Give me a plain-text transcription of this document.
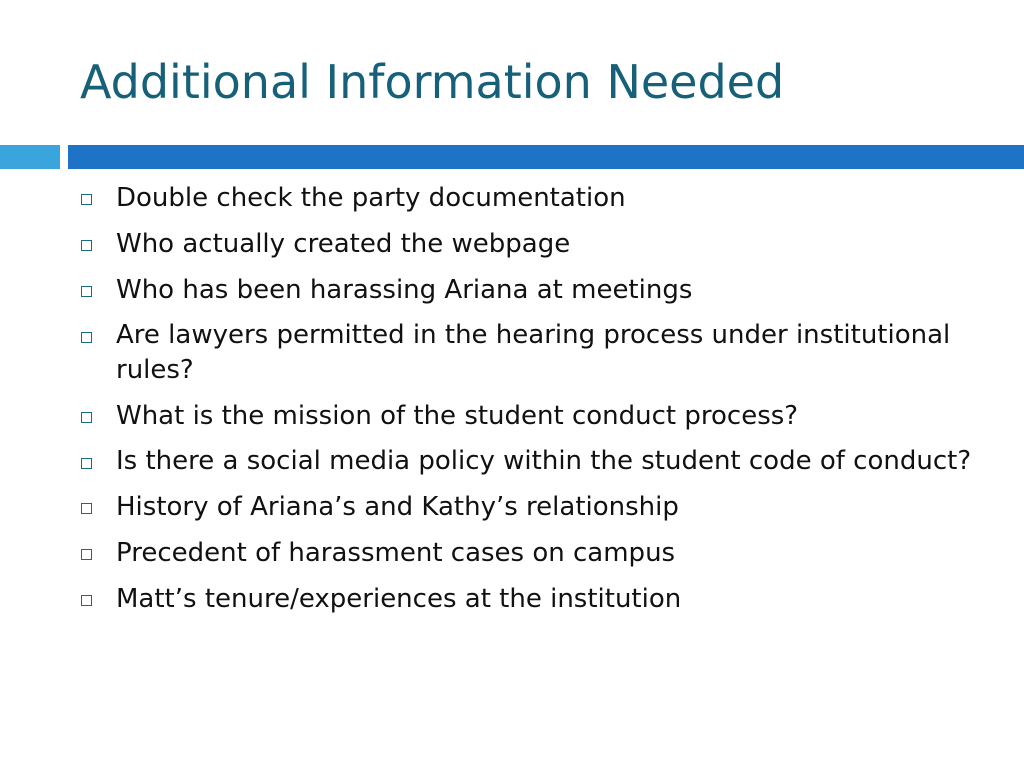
Additional Information Needed
Double check the party documentation
Who actually created the webpage
Who has been harassing Ariana at meetings
Are lawyers permitted in the hearing process under institutional rules?
What is the mission of the student conduct process?
Is there a social media policy within the student code of conduct?
History of Ariana’s and Kathy’s relationship
Precedent of harassment cases on campus
Matt’s tenure/experiences at the institution
